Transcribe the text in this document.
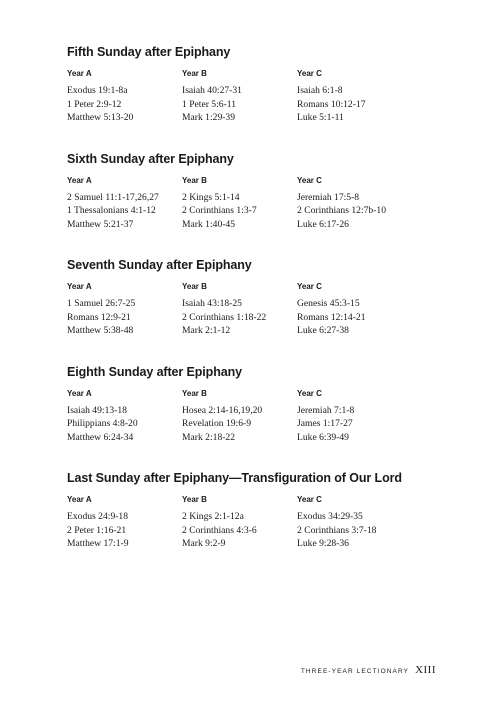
Fifth Sunday after Epiphany
Year A
Exodus 19:1-8a
1 Peter 2:9-12
Matthew 5:13-20
Year B
Isaiah 40:27-31
1 Peter 5:6-11
Mark 1:29-39
Year C
Isaiah 6:1-8
Romans 10:12-17
Luke 5:1-11
Sixth Sunday after Epiphany
Year A
2 Samuel 11:1-17,26,27
1 Thessalonians 4:1-12
Matthew 5:21-37
Year B
2 Kings 5:1-14
2 Corinthians 1:3-7
Mark 1:40-45
Year C
Jeremiah 17:5-8
2 Corinthians 12:7b-10
Luke 6:17-26
Seventh Sunday after Epiphany
Year A
1 Samuel 26:7-25
Romans 12:9-21
Matthew 5:38-48
Year B
Isaiah 43:18-25
2 Corinthians 1:18-22
Mark 2:1-12
Year C
Genesis 45:3-15
Romans 12:14-21
Luke 6:27-38
Eighth Sunday after Epiphany
Year A
Isaiah 49:13-18
Philippians 4:8-20
Matthew 6:24-34
Year B
Hosea 2:14-16,19,20
Revelation 19:6-9
Mark 2:18-22
Year C
Jeremiah 7:1-8
James 1:17-27
Luke 6:39-49
Last Sunday after Epiphany—Transfiguration of Our Lord
Year A
Exodus 24:9-18
2 Peter 1:16-21
Matthew 17:1-9
Year B
2 Kings 2:1-12a
2 Corinthians 4:3-6
Mark 9:2-9
Year C
Exodus 34:29-35
2 Corinthians 3:7-18
Luke 9:28-36
THREE-YEAR LECTIONARY XIII
